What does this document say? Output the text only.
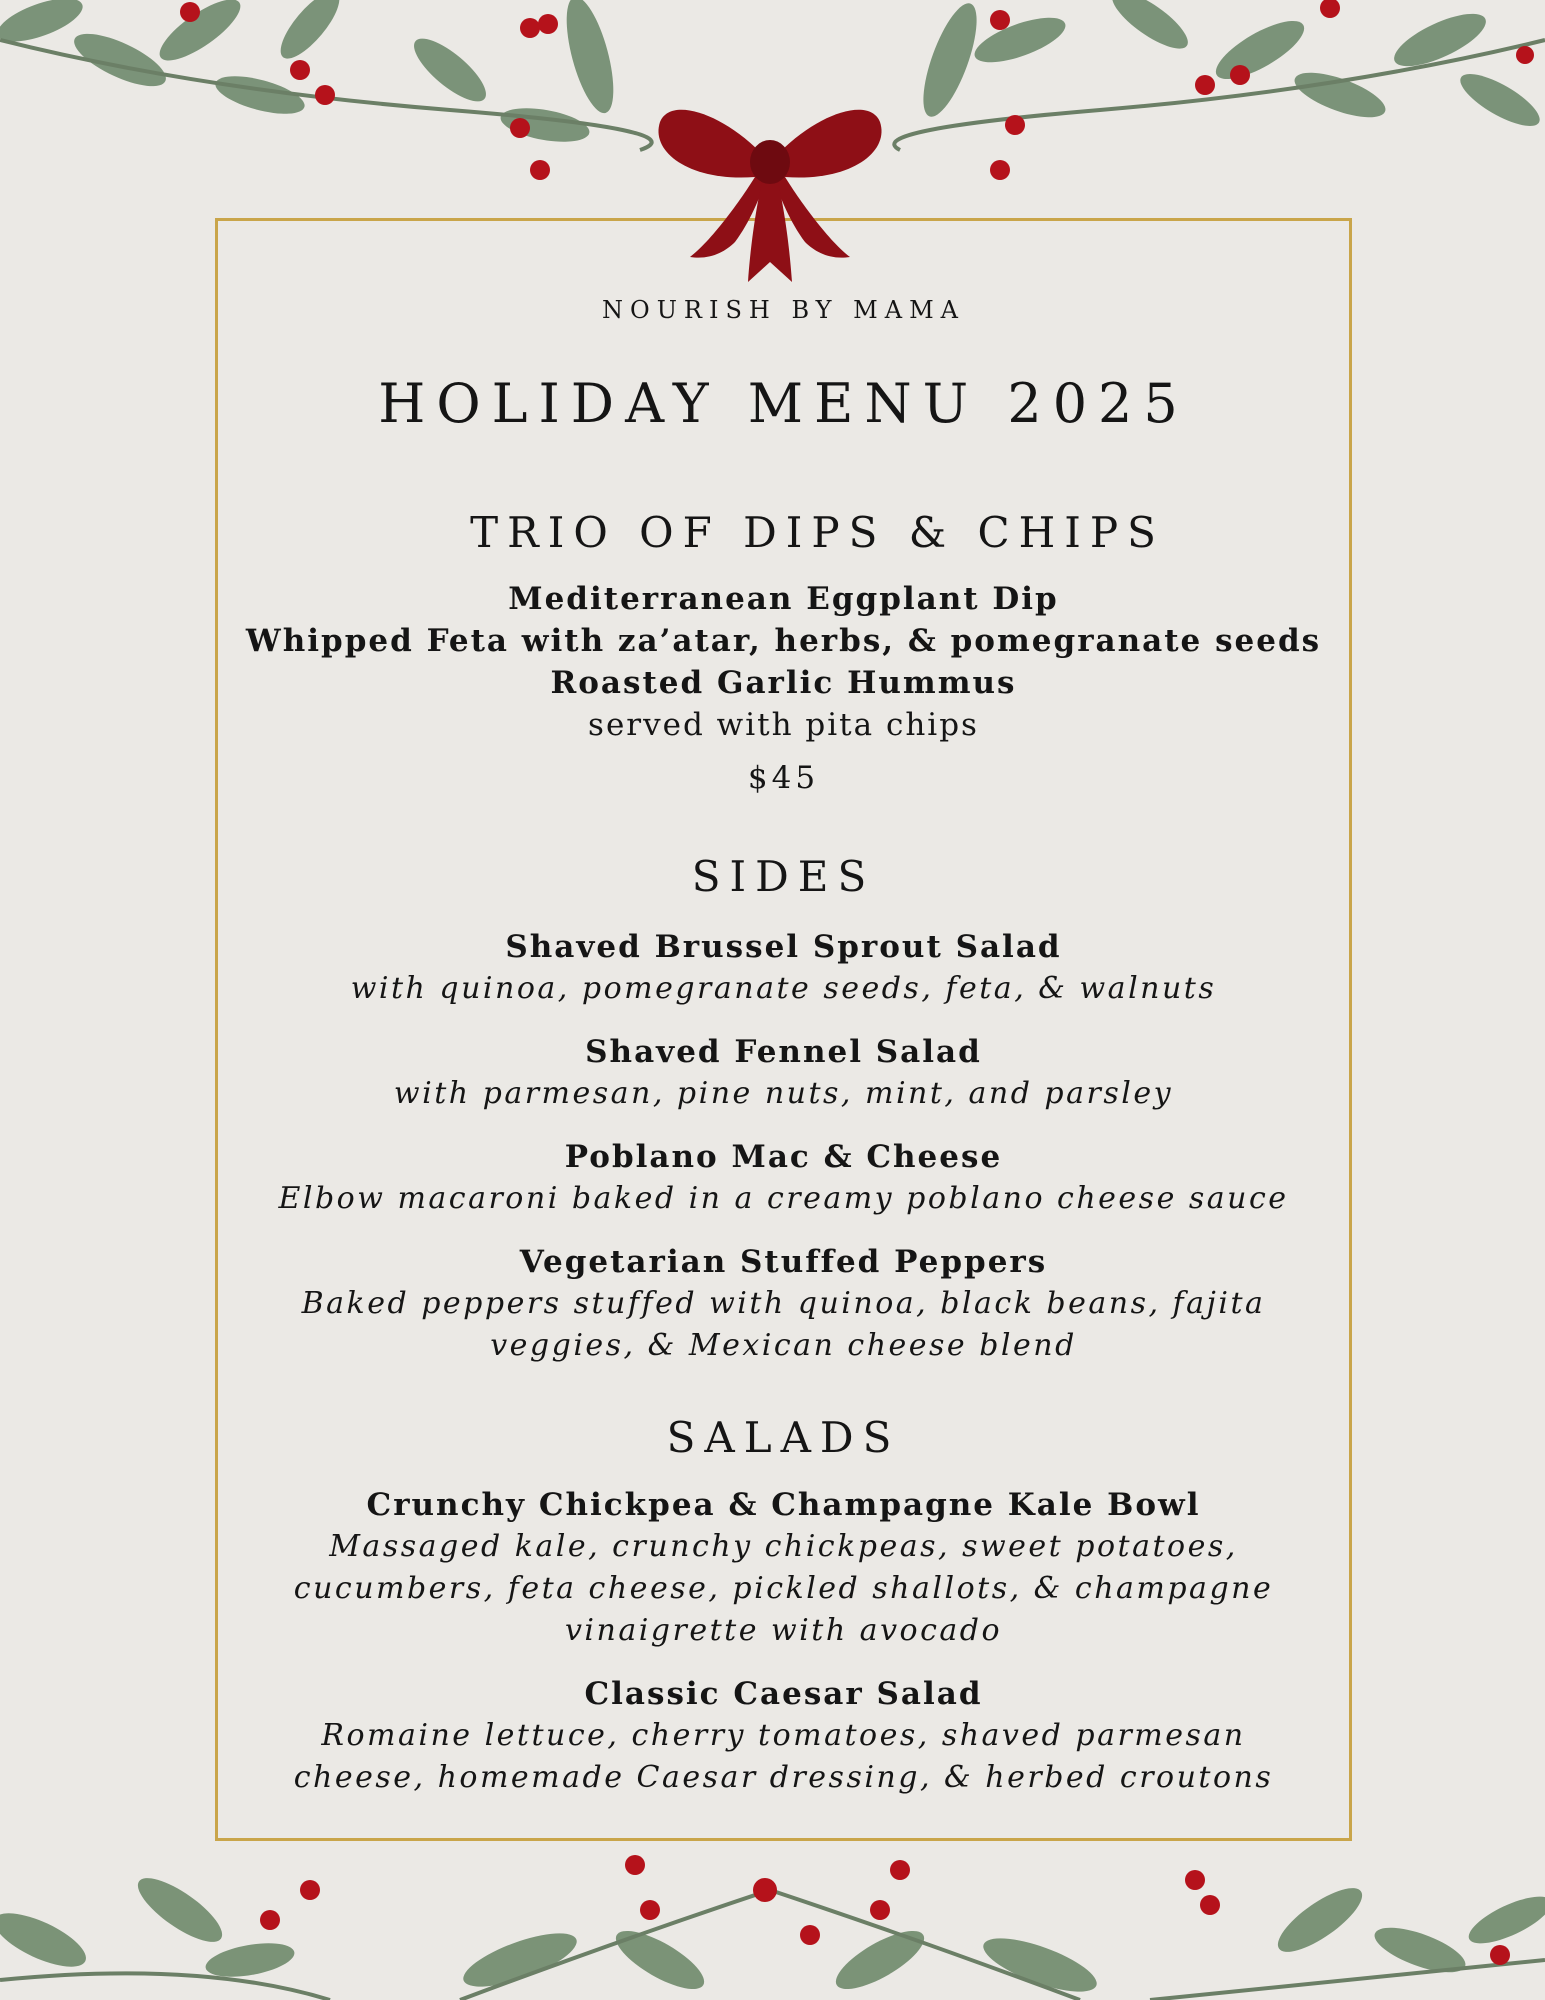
NOURISH BY MAMA
HOLIDAY MENU 2025
TRIO OF DIPS & CHIPS
Mediterranean Eggplant Dip
Whipped Feta with za’atar, herbs, & pomegranate seeds
Roasted Garlic Hummus
served with pita chips
$45
SIDES
Shaved Brussel Sprout Salad
with quinoa, pomegranate seeds, feta, & walnuts
Shaved Fennel Salad
with parmesan, pine nuts, mint, and parsley
Poblano Mac & Cheese
Elbow macaroni baked in a creamy poblano cheese sauce
Vegetarian Stuffed Peppers
Baked peppers stuffed with quinoa, black beans, fajita
veggies, & Mexican cheese blend
SALADS
Crunchy Chickpea & Champagne Kale Bowl
Massaged kale, crunchy chickpeas, sweet potatoes,
cucumbers, feta cheese, pickled shallots, & champagne
vinaigrette with avocado
Classic Caesar Salad
Romaine lettuce, cherry tomatoes, shaved parmesan
cheese, homemade Caesar dressing, & herbed croutons
